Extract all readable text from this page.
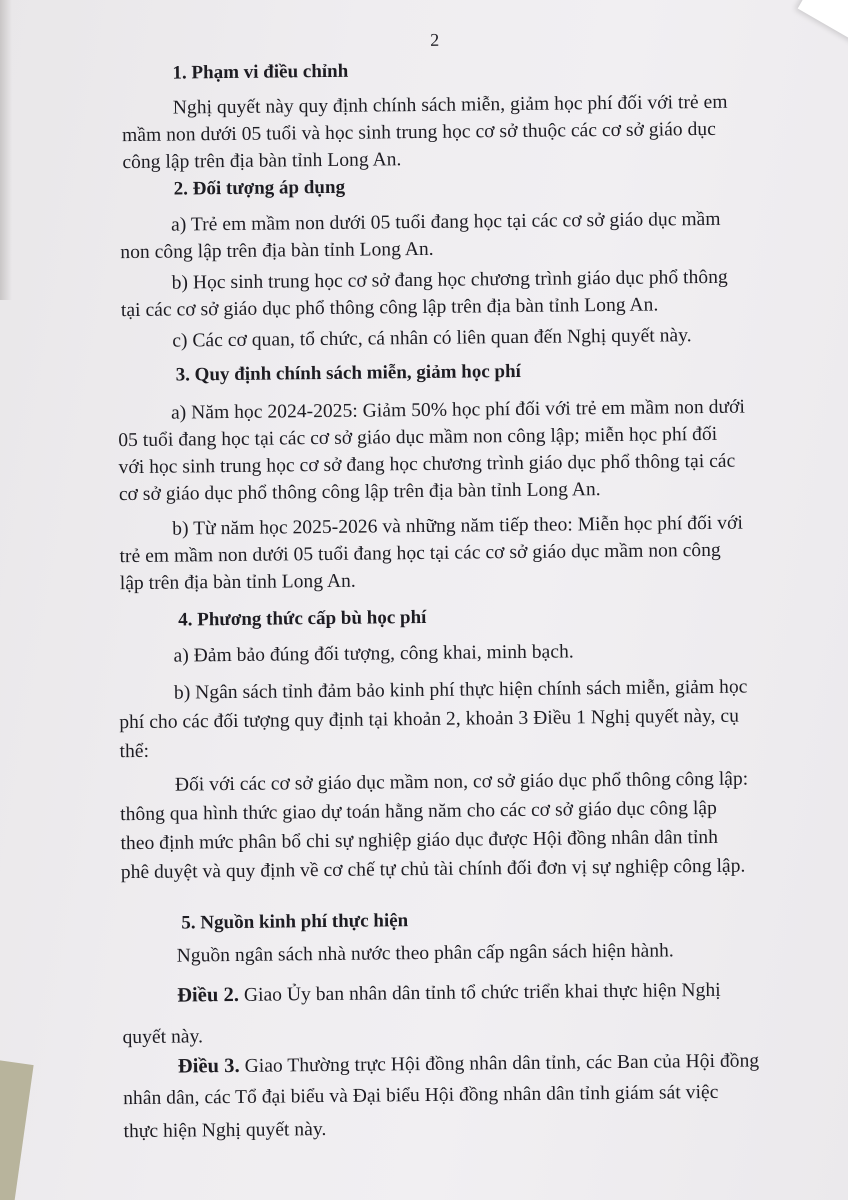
2
1. Phạm vi điều chỉnh
Nghị quyết này quy định chính sách miễn, giảm học phí đối với trẻ em
mầm non dưới 05 tuổi và học sinh trung học cơ sở thuộc các cơ sở giáo dục
công lập trên địa bàn tỉnh Long An.
2. Đối tượng áp dụng
a) Trẻ em mầm non dưới 05 tuổi đang học tại các cơ sở giáo dục mầm
non công lập trên địa bàn tỉnh Long An.
b) Học sinh trung học cơ sở đang học chương trình giáo dục phổ thông
tại các cơ sở giáo dục phổ thông công lập trên địa bàn tỉnh Long An.
c) Các cơ quan, tổ chức, cá nhân có liên quan đến Nghị quyết này.
3. Quy định chính sách miễn, giảm học phí
a) Năm học 2024-2025: Giảm 50% học phí đối với trẻ em mầm non dưới
05 tuổi đang học tại các cơ sở giáo dục mầm non công lập; miễn học phí đối
với học sinh trung học cơ sở đang học chương trình giáo dục phổ thông tại các
cơ sở giáo dục phổ thông công lập trên địa bàn tỉnh Long An.
b) Từ năm học 2025-2026 và những năm tiếp theo: Miễn học phí đối với
trẻ em mầm non dưới 05 tuổi đang học tại các cơ sở giáo dục mầm non công
lập trên địa bàn tỉnh Long An.
4. Phương thức cấp bù học phí
a) Đảm bảo đúng đối tượng, công khai, minh bạch.
b) Ngân sách tỉnh đảm bảo kinh phí thực hiện chính sách miễn, giảm học
phí cho các đối tượng quy định tại khoản 2, khoản 3 Điều 1 Nghị quyết này, cụ
thể:
Đối với các cơ sở giáo dục mầm non, cơ sở giáo dục phổ thông công lập:
thông qua hình thức giao dự toán hằng năm cho các cơ sở giáo dục công lập
theo định mức phân bổ chi sự nghiệp giáo dục được Hội đồng nhân dân tỉnh
phê duyệt và quy định về cơ chế tự chủ tài chính đối đơn vị sự nghiệp công lập.
5. Nguồn kinh phí thực hiện
Nguồn ngân sách nhà nước theo phân cấp ngân sách hiện hành.
Điều 2. Giao Ủy ban nhân dân tỉnh tổ chức triển khai thực hiện Nghị
quyết này.
Điều 3. Giao Thường trực Hội đồng nhân dân tỉnh, các Ban của Hội đồng
nhân dân, các Tổ đại biểu và Đại biểu Hội đồng nhân dân tỉnh giám sát việc
thực hiện Nghị quyết này.
